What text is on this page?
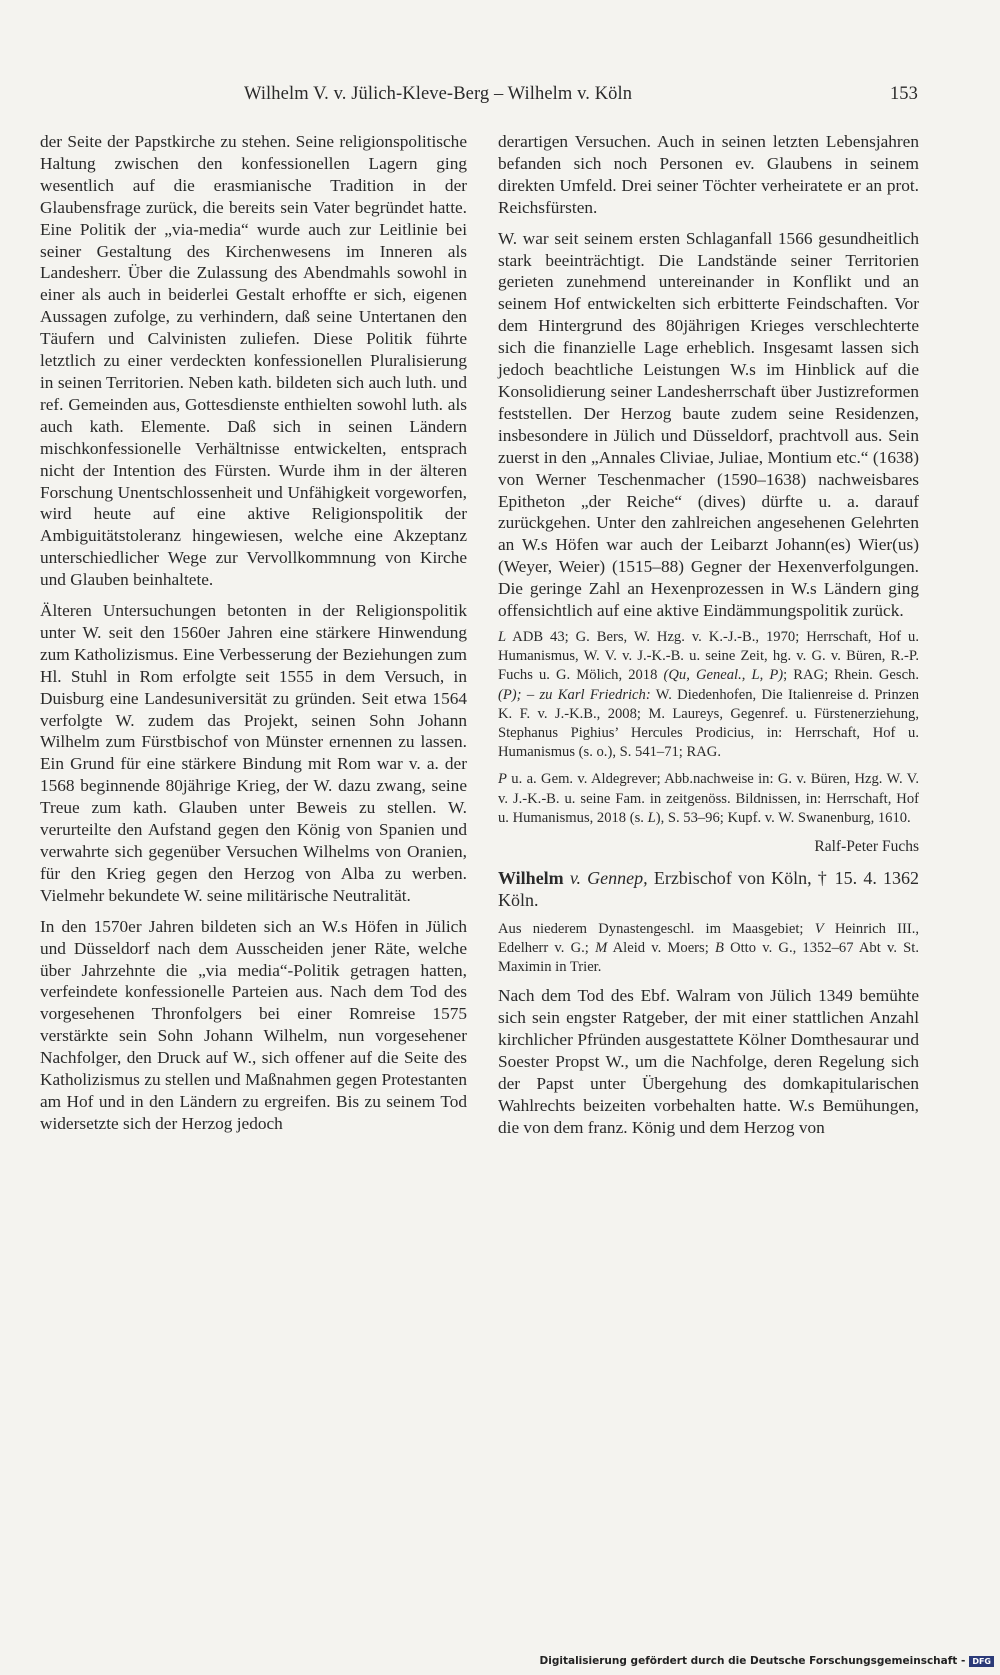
Wilhelm V. v. Jülich-Kleve-Berg – Wilhelm v. Köln	153

der Seite der Papstkirche zu stehen. Seine religionspolitische Haltung zwischen den konfessionellen Lagern ging wesentlich auf die erasmianische Tradition in der Glaubensfrage zurück, die bereits sein Vater begründet hatte. Eine Politik der „via-media“ wurde auch zur Leitlinie bei seiner Gestaltung des Kirchenwesens im Inneren als Landesherr. Über die Zulassung des Abendmahls sowohl in einer als auch in beiderlei Gestalt erhoffte er sich, eigenen Aussagen zufolge, zu verhindern, daß seine Untertanen den Täufern und Calvinisten zuliefen. Diese Politik führte letztlich zu einer verdeckten konfessionellen Pluralisierung in seinen Territorien. Neben kath. bildeten sich auch luth. und ref. Gemeinden aus, Gottesdienste enthielten sowohl luth. als auch kath. Elemente. Daß sich in seinen Ländern mischkonfessionelle Verhältnisse entwickelten, entsprach nicht der Intention des Fürsten. Wurde ihm in der älteren Forschung Unentschlossenheit und Unfähigkeit vorgeworfen, wird heute auf eine aktive Religionspolitik der Ambiguitätstoleranz hingewiesen, welche eine Akzeptanz unterschiedlicher Wege zur Vervollkommnung von Kirche und Glauben beinhaltete.

Älteren Untersuchungen betonten in der Religionspolitik unter W. seit den 1560er Jahren eine stärkere Hinwendung zum Katholizismus. Eine Verbesserung der Beziehungen zum Hl. Stuhl in Rom erfolgte seit 1555 in dem Versuch, in Duisburg eine Landesuniversität zu gründen. Seit etwa 1564 verfolgte W. zudem das Projekt, seinen Sohn Johann Wilhelm zum Fürstbischof von Münster ernennen zu lassen. Ein Grund für eine stärkere Bindung mit Rom war v. a. der 1568 beginnende 80jährige Krieg, der W. dazu zwang, seine Treue zum kath. Glauben unter Beweis zu stellen. W. verurteilte den Aufstand gegen den König von Spanien und verwahrte sich gegenüber Versuchen Wilhelms von Oranien, für den Krieg gegen den Herzog von Alba zu werben. Vielmehr bekundete W. seine militärische Neutralität.

In den 1570er Jahren bildeten sich an W.s Höfen in Jülich und Düsseldorf nach dem Ausscheiden jener Räte, welche über Jahrzehnte die „via media“-Politik getragen hatten, verfeindete konfessionelle Parteien aus. Nach dem Tod des vorgesehenen Thronfolgers bei einer Romreise 1575 verstärkte sein Sohn Johann Wilhelm, nun vorgesehener Nachfolger, den Druck auf W., sich offener auf die Seite des Katholizismus zu stellen und Maßnahmen gegen Protestanten am Hof und in den Ländern zu ergreifen. Bis zu seinem Tod widersetzte sich der Herzog jedoch

derartigen Versuchen. Auch in seinen letzten Lebensjahren befanden sich noch Personen ev. Glaubens in seinem direkten Umfeld. Drei seiner Töchter verheiratete er an prot. Reichsfürsten.

W. war seit seinem ersten Schlaganfall 1566 gesundheitlich stark beeinträchtigt. Die Landstände seiner Territorien gerieten zunehmend untereinander in Konflikt und an seinem Hof entwickelten sich erbitterte Feindschaften. Vor dem Hintergrund des 80jährigen Krieges verschlechterte sich die finanzielle Lage erheblich. Insgesamt lassen sich jedoch beachtliche Leistungen W.s im Hinblick auf die Konsolidierung seiner Landesherrschaft über Justizreformen feststellen. Der Herzog baute zudem seine Residenzen, insbesondere in Jülich und Düsseldorf, prachtvoll aus. Sein zuerst in den „Annales Cliviae, Juliae, Montium etc.“ (1638) von Werner Teschenmacher (1590–1638) nachweisbares Epitheton „der Reiche“ (dives) dürfte u. a. darauf zurückgehen. Unter den zahlreichen angesehenen Gelehrten an W.s Höfen war auch der Leibarzt Johann(es) Wier(us) (Weyer, Weier) (1515–88) Gegner der Hexenverfolgungen. Die geringe Zahl an Hexenprozessen in W.s Ländern ging offensichtlich auf eine aktive Eindämmungspolitik zurück.

L ADB 43; G. Bers, W. Hzg. v. K.-J.-B., 1970; Herrschaft, Hof u. Humanismus, W. V. v. J.-K.-B. u. seine Zeit, hg. v. G. v. Büren, R.-P. Fuchs u. G. Mölich, 2018 (Qu, Geneal., L, P); RAG; Rhein. Gesch. (P); – zu Karl Friedrich: W. Diedenhofen, Die Italienreise d. Prinzen K. F. v. J.-K.B., 2008; M. Laureys, Gegenref. u. Fürstenerziehung, Stephanus Pighius’ Hercules Prodicius, in: Herrschaft, Hof u. Humanismus (s. o.), S. 541–71; RAG.

P u. a. Gem. v. Aldegrever; Abb.nachweise in: G. v. Büren, Hzg. W. V. v. J.-K.-B. u. seine Fam. in zeitgenöss. Bildnissen, in: Herrschaft, Hof u. Humanismus, 2018 (s. L), S. 53–96; Kupf. v. W. Swanenburg, 1610.

Ralf-Peter Fuchs

Wilhelm v. Gennep, Erzbischof von Köln, † 15. 4. 1362 Köln.

Aus niederem Dynastengeschl. im Maasgebiet; V Heinrich III., Edelherr v. G.; M Aleid v. Moers; B Otto v. G., 1352–67 Abt v. St. Maximin in Trier.

Nach dem Tod des Ebf. Walram von Jülich 1349 bemühte sich sein engster Ratgeber, der mit einer stattlichen Anzahl kirchlicher Pfründen ausgestattete Kölner Domthesaurar und Soester Propst W., um die Nachfolge, deren Regelung sich der Papst unter Übergehung des domkapitularischen Wahlrechts beizeiten vorbehalten hatte. W.s Bemühungen, die von dem franz. König und dem Herzog von

Digitalisierung gefördert durch die Deutsche Forschungsgemeinschaft - DFG
